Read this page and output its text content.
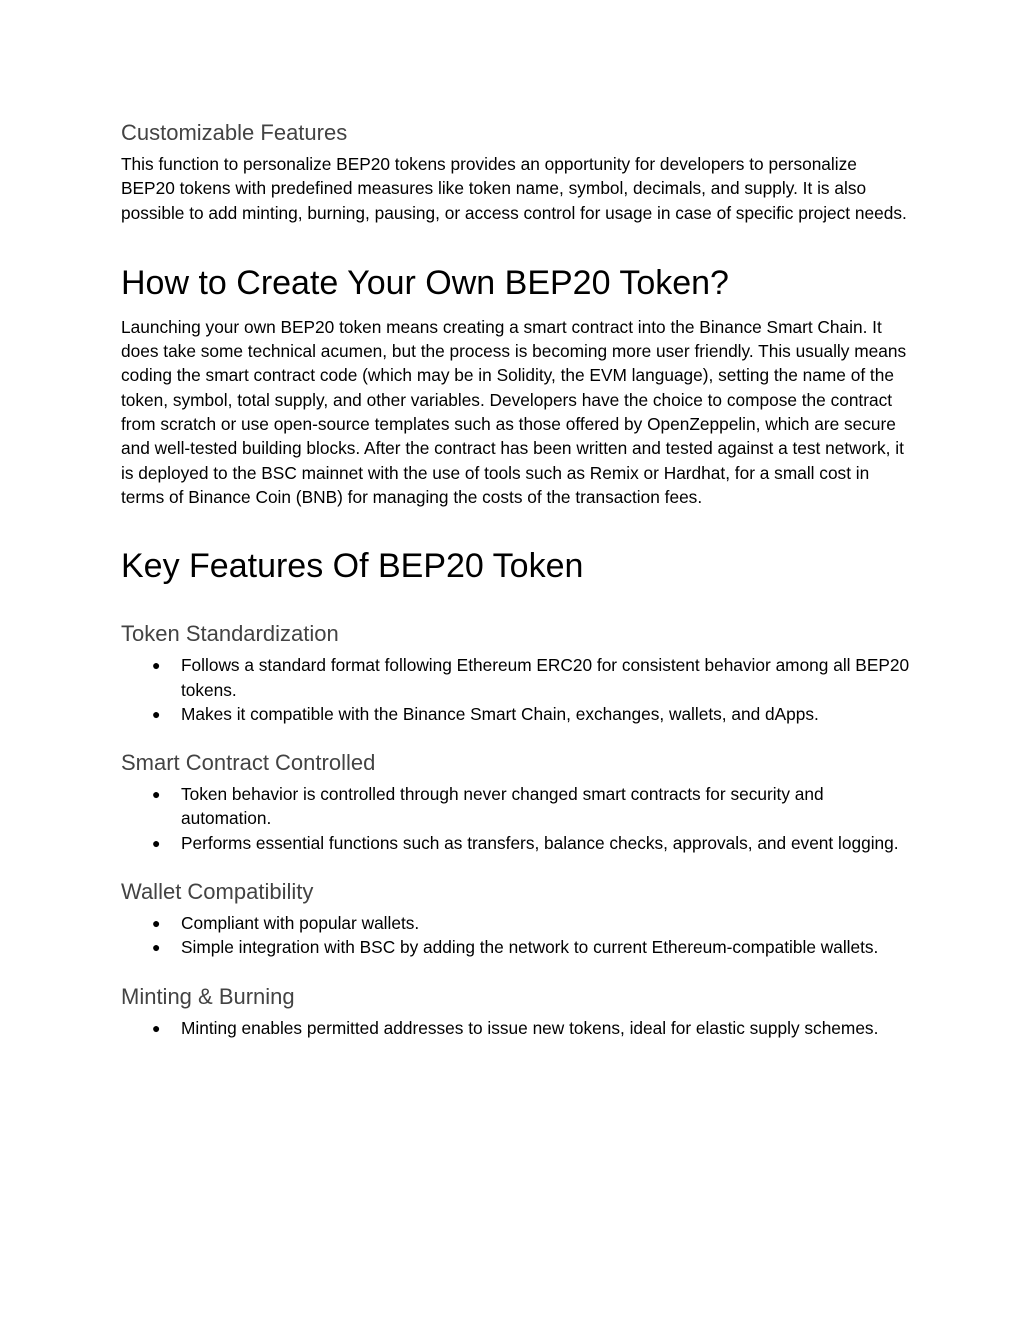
Customizable Features

This function to personalize BEP20 tokens provides an opportunity for developers to personalize BEP20 tokens with predefined measures like token name, symbol, decimals, and supply. It is also possible to add minting, burning, pausing, or access control for usage in case of specific project needs.

How to Create Your Own BEP20 Token?

Launching your own BEP20 token means creating a smart contract into the Binance Smart Chain. It does take some technical acumen, but the process is becoming more user friendly. This usually means coding the smart contract code (which may be in Solidity, the EVM language), setting the name of the token, symbol, total supply, and other variables. Developers have the choice to compose the contract from scratch or use open-source templates such as those offered by OpenZeppelin, which are secure and well-tested building blocks. After the contract has been written and tested against a test network, it is deployed to the BSC mainnet with the use of tools such as Remix or Hardhat, for a small cost in terms of Binance Coin (BNB) for managing the costs of the transaction fees.

Key Features Of BEP20 Token
Token Standardization
● Follows a standard format following Ethereum ERC20 for consistent behavior among all BEP20 tokens.
● Makes it compatible with the Binance Smart Chain, exchanges, wallets, and dApps.
Smart Contract Controlled
● Token behavior is controlled through never changed smart contracts for security and automation.
● Performs essential functions such as transfers, balance checks, approvals, and event logging.
Wallet Compatibility
● Compliant with popular wallets.
● Simple integration with BSC by adding the network to current Ethereum-compatible wallets.
Minting & Burning
● Minting enables permitted addresses to issue new tokens, ideal for elastic supply schemes.
